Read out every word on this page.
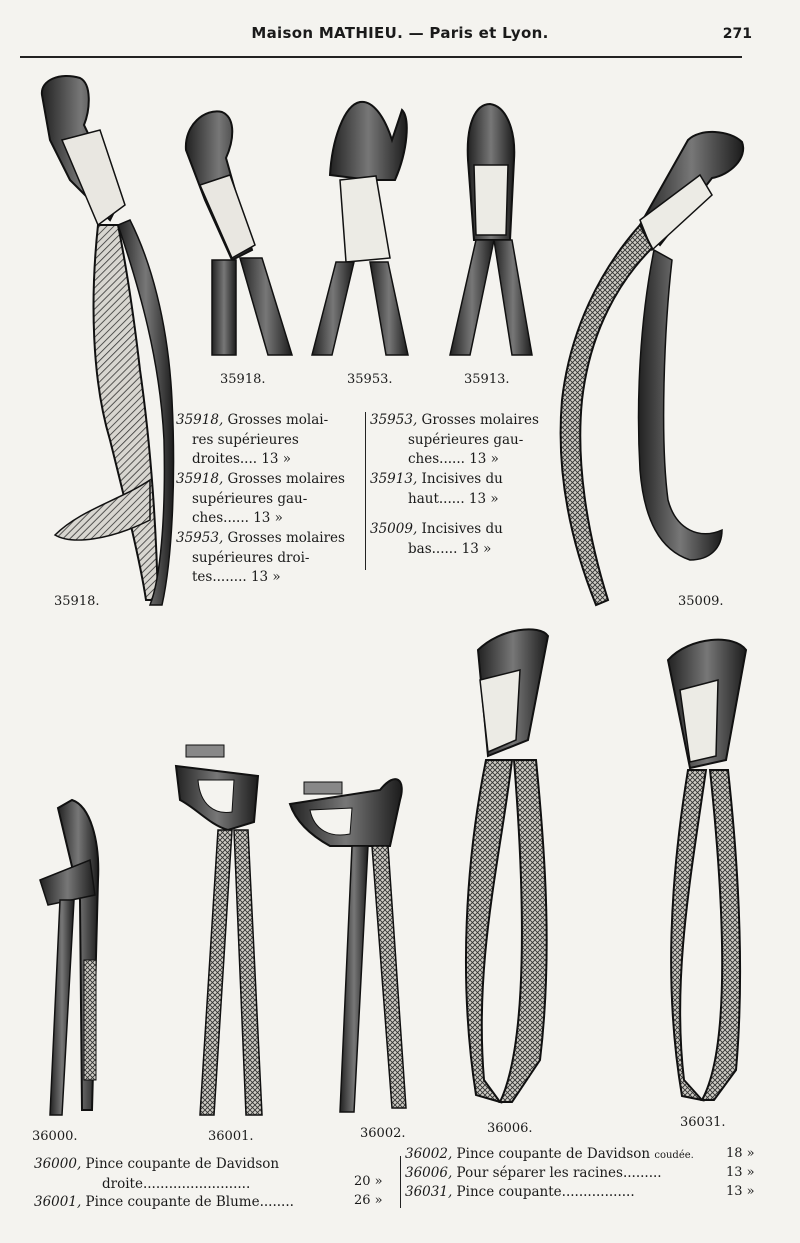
Maison MATHIEU. — Paris et Lyon.	271
35918.	35953.	35913.
35918.	35009.
36000.	36001.	36002.	36006.	36031.
35918, Grosses molai-
res supérieures
droites.... 13 »
35918, Grosses molaires
supérieures gau-
ches...... 13 »
35953, Grosses molaires
supérieures droi-
tes........ 13 »
35953, Grosses molaires
supérieures gau-
ches...... 13 »
35913, Incisives du
haut...... 13 »
35009, Incisives du
bas...... 13 »
36000, Pince coupante de Davidson
droite.........................	20 »
36001, Pince coupante de Blume........	26 »
36002, Pince coupante de Davidson coudée.	18 »
36006, Pour séparer les racines.........	13 »
36031, Pince coupante.................	13 »
